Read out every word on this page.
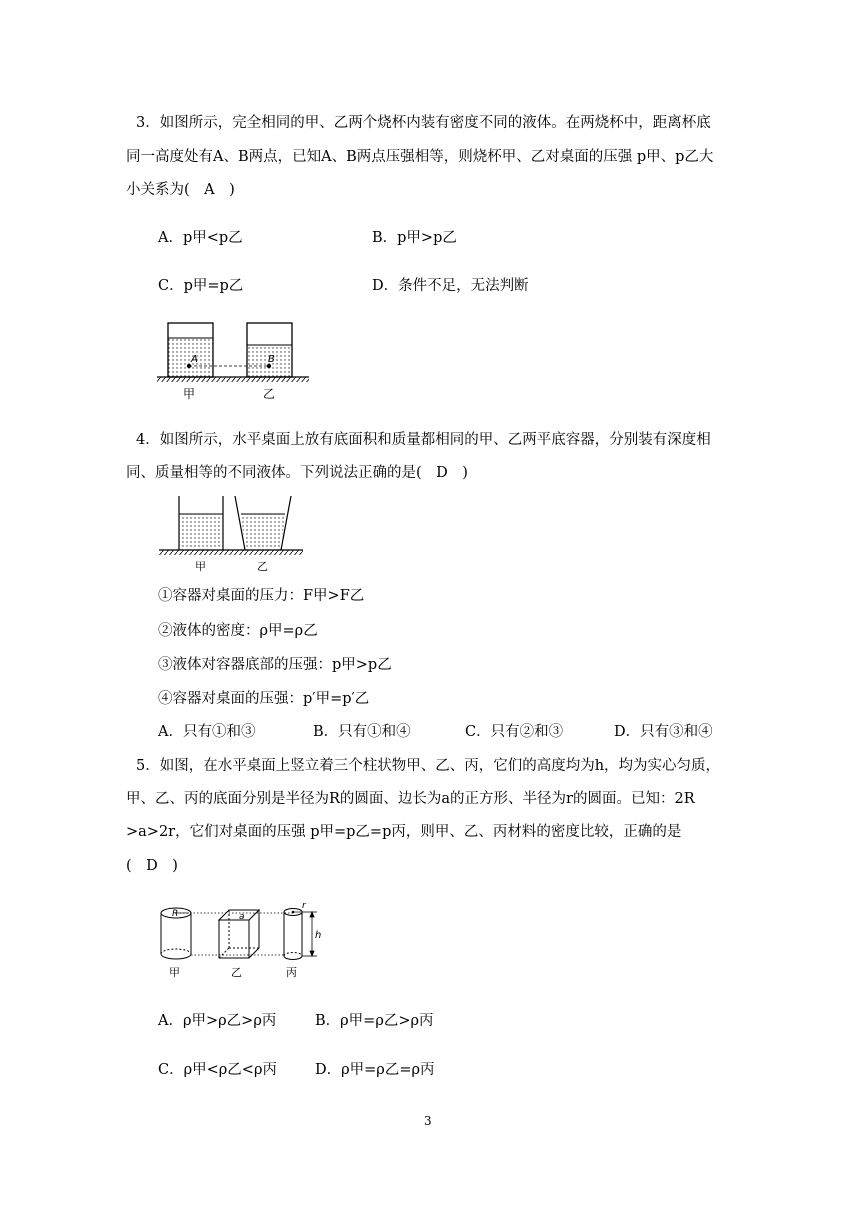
3．如图所示，完全相同的甲、乙两个烧杯内装有密度不同的液体。在两烧杯中，距离杯底
同一高度处有A、B两点，已知A、B两点压强相等，则烧杯甲、乙对桌面的压强 p甲、p乙大
小关系为(　A　)
A．p甲<p乙	B．p甲>p乙
C．p甲=p乙	D．条件不足，无法判断
A	B
甲	乙
4．如图所示，水平桌面上放有底面积和质量都相同的甲、乙两平底容器，分别装有深度相
同、质量相等的不同液体。下列说法正确的是(　D　)
甲	乙
①容器对桌面的压力：F甲>F乙
②液体的密度：ρ甲=ρ乙
③液体对容器底部的压强：p甲>p乙
④容器对桌面的压强：p′甲=p′乙
A．只有①和③	B．只有①和④	C．只有②和③	D．只有③和④
5．如图，在水平桌面上竖立着三个柱状物甲、乙、丙，它们的高度均为h，均为实心匀质，
甲、乙、丙的底面分别是半径为R的圆面、边长为a的正方形、半径为r的圆面。已知：2R
>a>2r，它们对桌面的压强 p甲=p乙=p丙，则甲、乙、丙材料的密度比较，正确的是
(　D　)
R	a
r
h
甲	乙	丙
A．ρ甲>ρ乙>ρ丙	B．ρ甲=ρ乙>ρ丙
C．ρ甲<ρ乙<ρ丙	D．ρ甲=ρ乙=ρ丙
3
